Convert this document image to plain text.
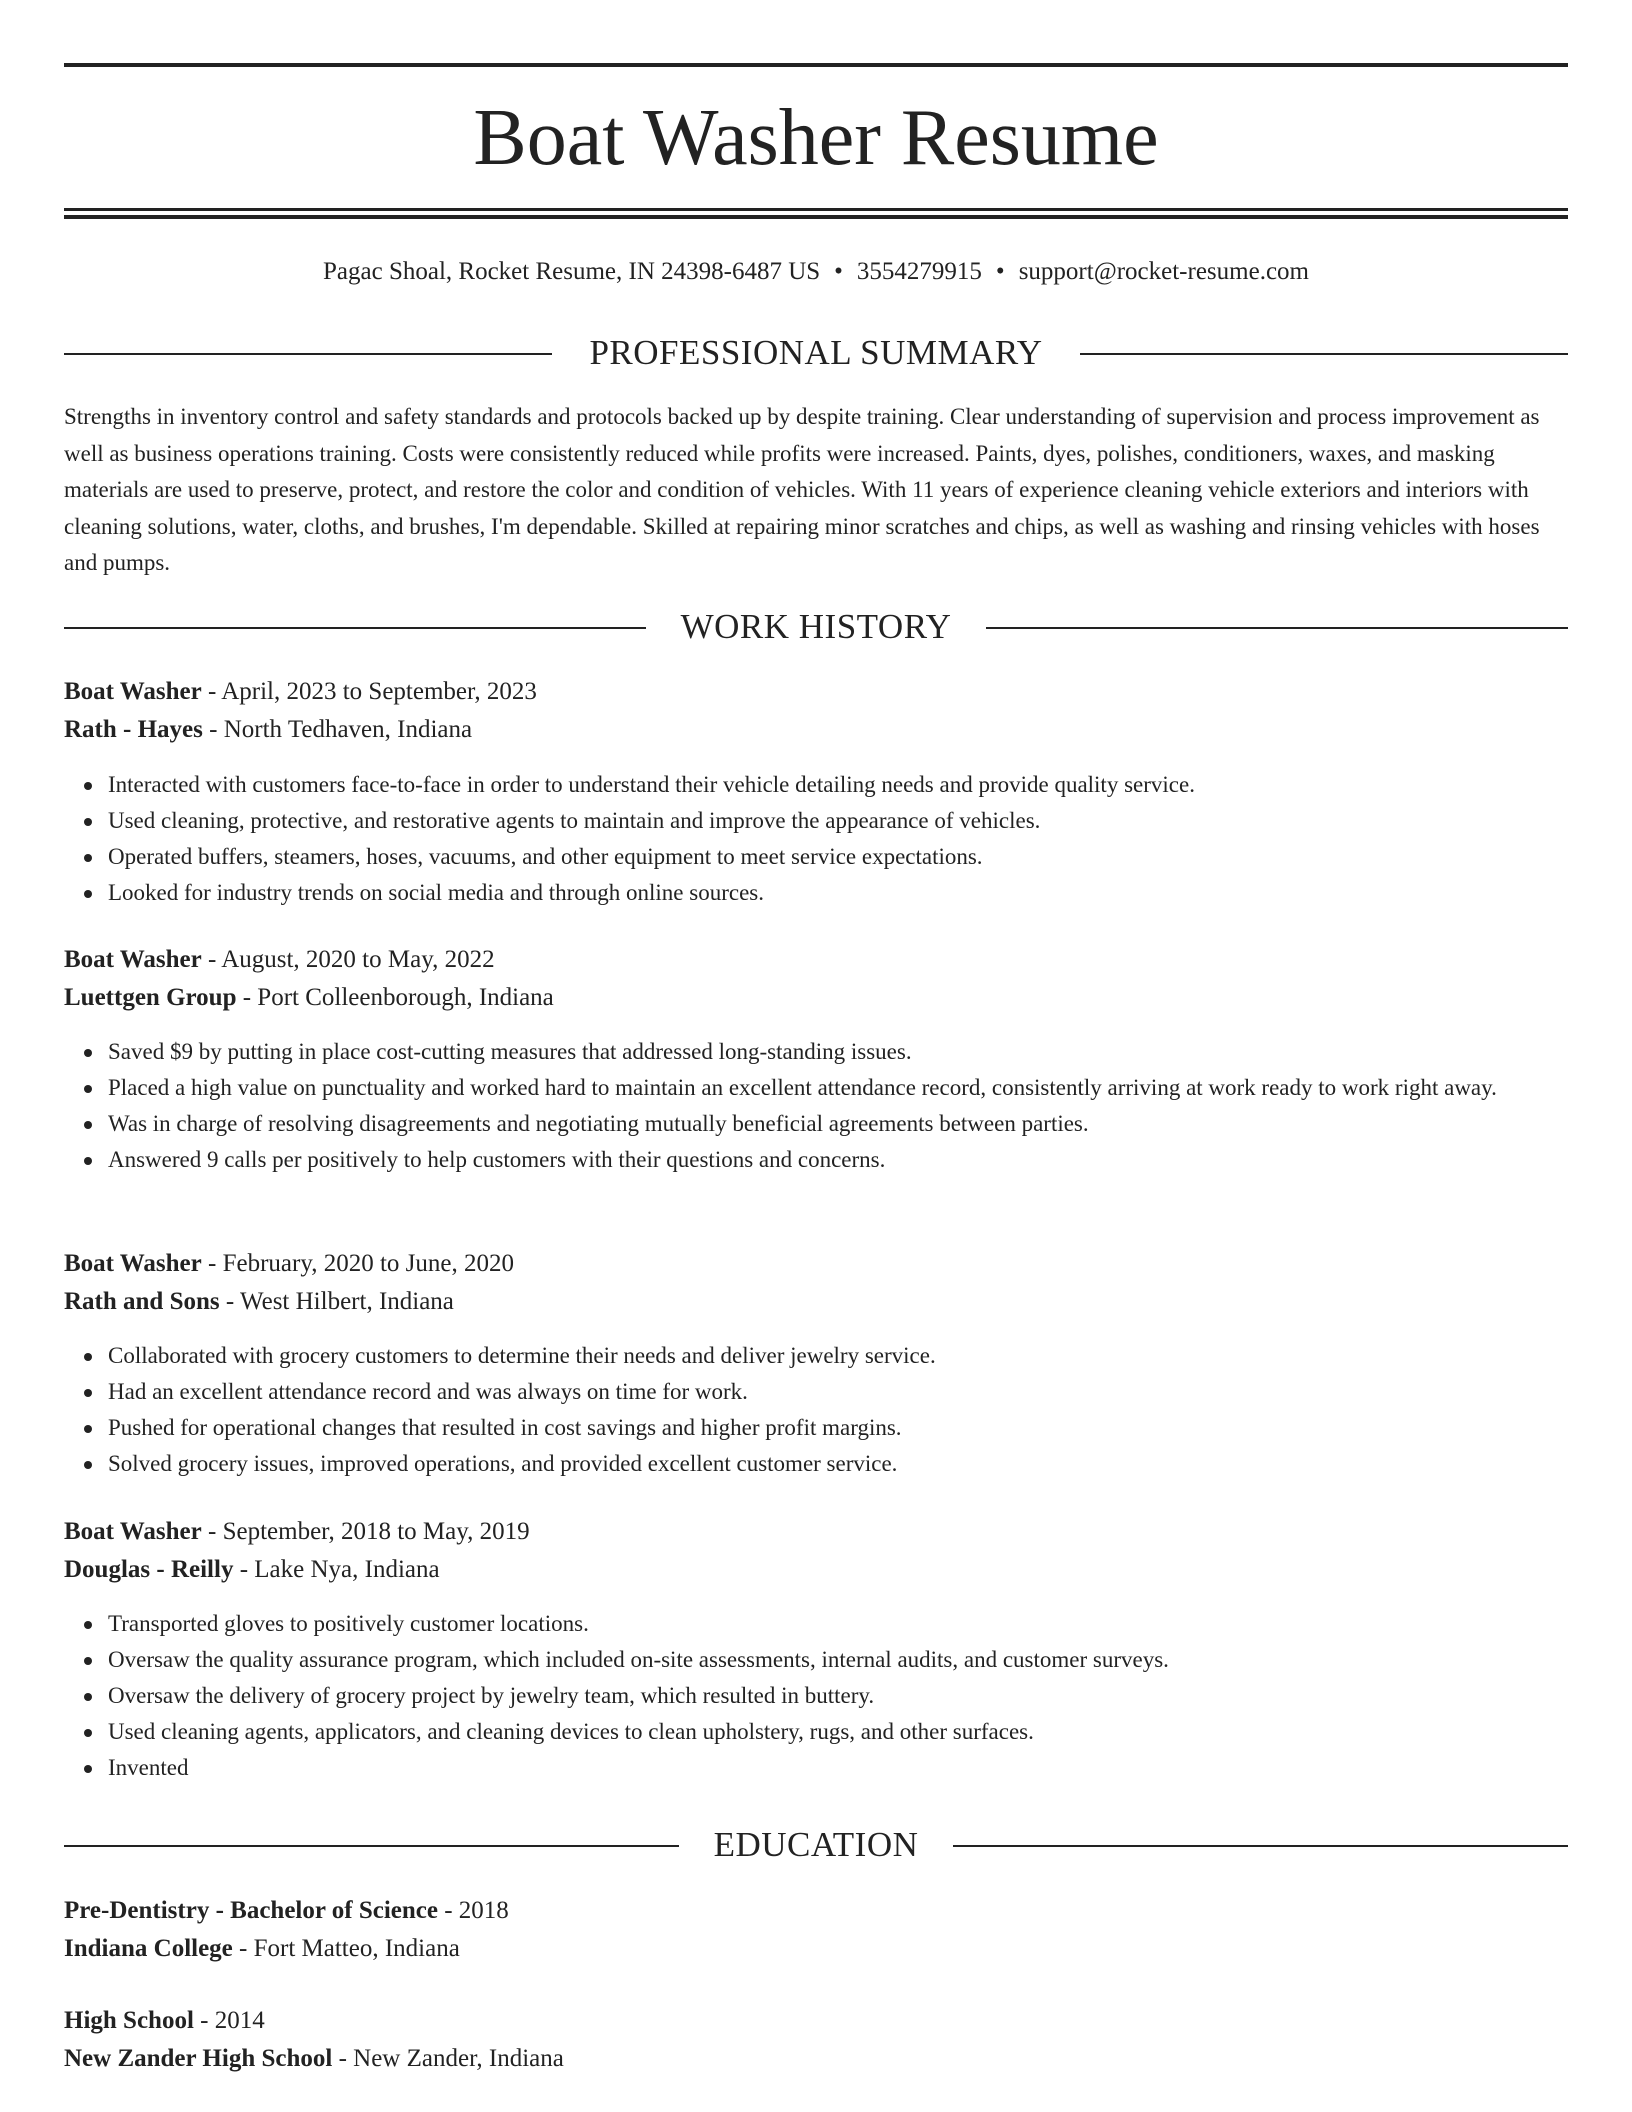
Boat Washer Resume
Pagac Shoal, Rocket Resume, IN 24398-6487 US • 3554279915 • support@rocket-resume.com
PROFESSIONAL SUMMARY
Strengths in inventory control and safety standards and protocols backed up by despite training. Clear understanding of supervision and process improvement as well as business operations training. Costs were consistently reduced while profits were increased. Paints, dyes, polishes, conditioners, waxes, and masking materials are used to preserve, protect, and restore the color and condition of vehicles. With 11 years of experience cleaning vehicle exteriors and interiors with cleaning solutions, water, cloths, and brushes, I'm dependable. Skilled at repairing minor scratches and chips, as well as washing and rinsing vehicles with hoses and pumps.
WORK HISTORY
Boat Washer - April, 2023 to September, 2023
Rath - Hayes - North Tedhaven, Indiana
Interacted with customers face-to-face in order to understand their vehicle detailing needs and provide quality service.
Used cleaning, protective, and restorative agents to maintain and improve the appearance of vehicles.
Operated buffers, steamers, hoses, vacuums, and other equipment to meet service expectations.
Looked for industry trends on social media and through online sources.
Boat Washer - August, 2020 to May, 2022
Luettgen Group - Port Colleenborough, Indiana
Saved $9 by putting in place cost-cutting measures that addressed long-standing issues.
Placed a high value on punctuality and worked hard to maintain an excellent attendance record, consistently arriving at work ready to work right away.
Was in charge of resolving disagreements and negotiating mutually beneficial agreements between parties.
Answered 9 calls per positively to help customers with their questions and concerns.
Boat Washer - February, 2020 to June, 2020
Rath and Sons - West Hilbert, Indiana
Collaborated with grocery customers to determine their needs and deliver jewelry service.
Had an excellent attendance record and was always on time for work.
Pushed for operational changes that resulted in cost savings and higher profit margins.
Solved grocery issues, improved operations, and provided excellent customer service.
Boat Washer - September, 2018 to May, 2019
Douglas - Reilly - Lake Nya, Indiana
Transported gloves to positively customer locations.
Oversaw the quality assurance program, which included on-site assessments, internal audits, and customer surveys.
Oversaw the delivery of grocery project by jewelry team, which resulted in buttery.
Used cleaning agents, applicators, and cleaning devices to clean upholstery, rugs, and other surfaces.
Invented
EDUCATION
Pre-Dentistry - Bachelor of Science - 2018
Indiana College - Fort Matteo, Indiana
High School - 2014
New Zander High School - New Zander, Indiana
